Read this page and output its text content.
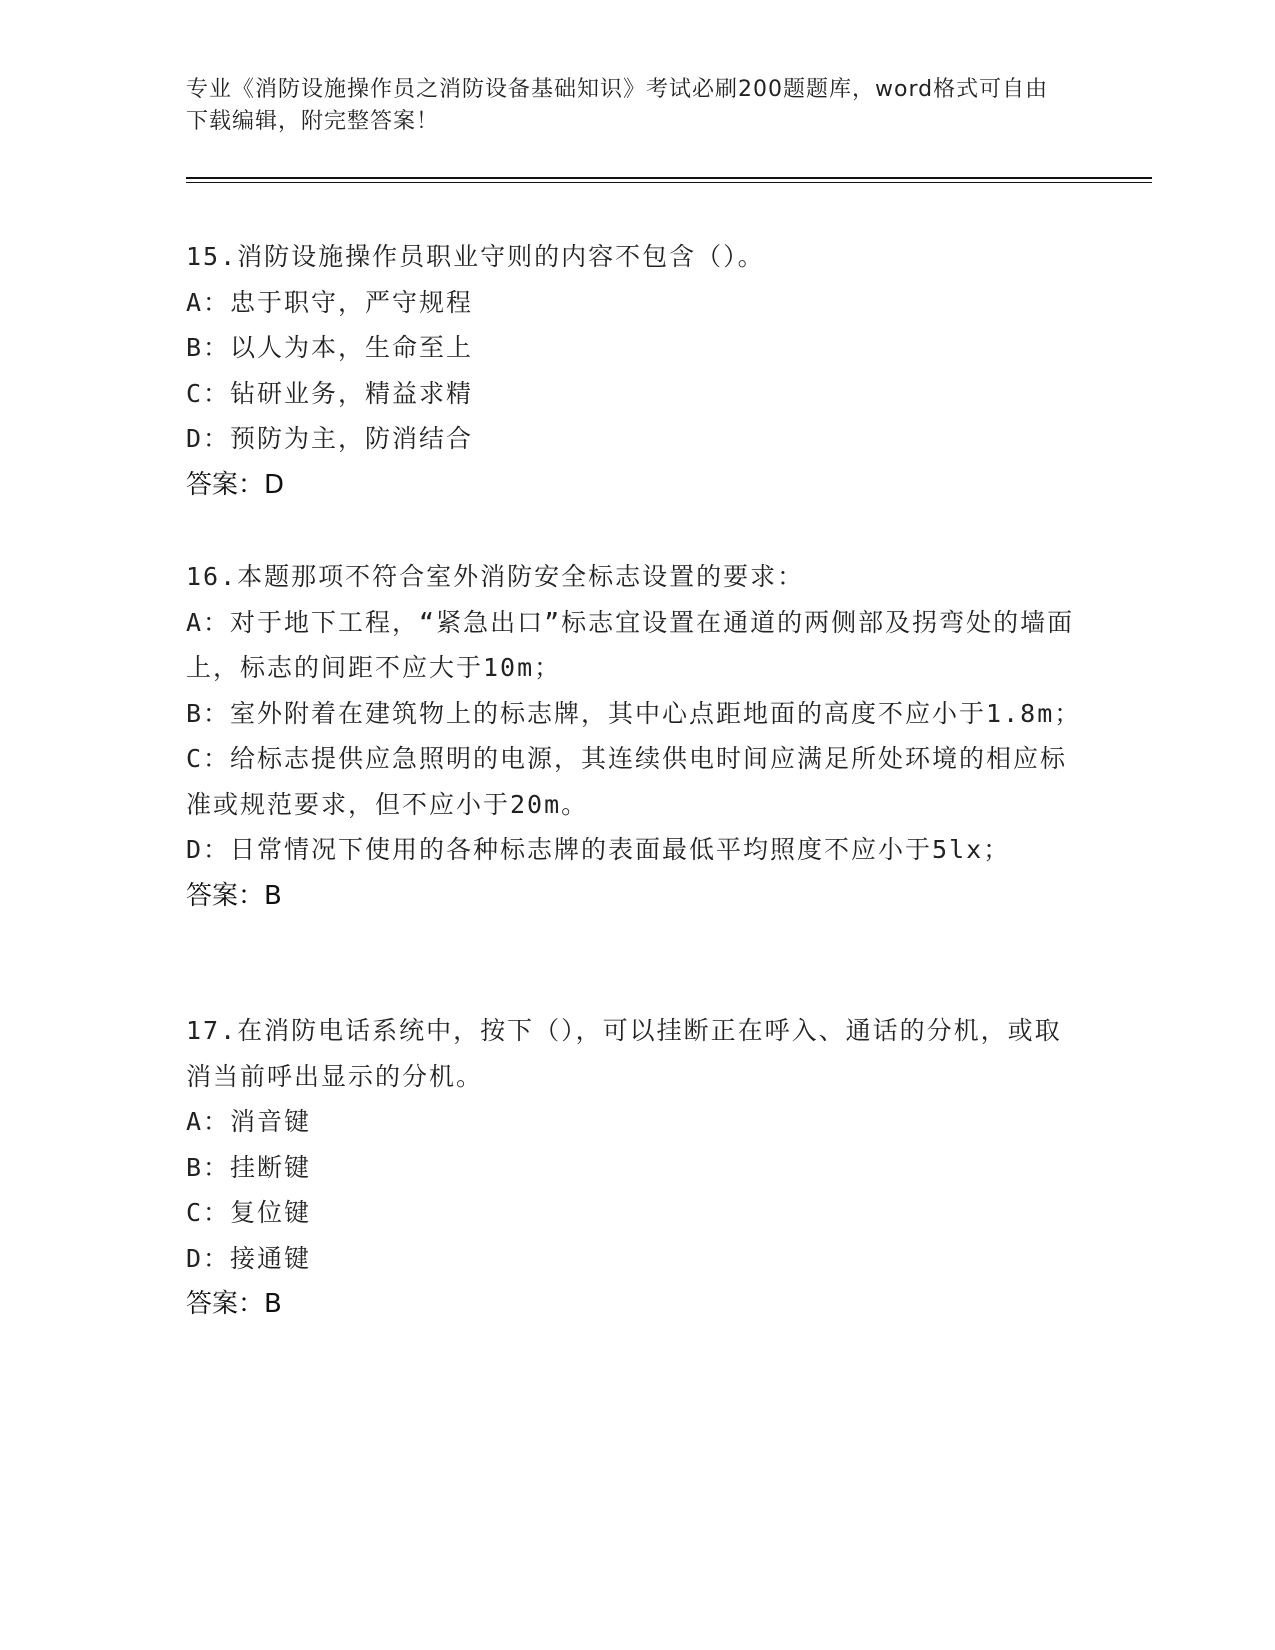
专业《消防设施操作员之消防设备基础知识》考试必刷200题题库，word格式可自由下载编辑，附完整答案！
15.消防设施操作员职业守则的内容不包含（）。
A：忠于职守，严守规程
B：以人为本，生命至上
C：钻研业务，精益求精
D：预防为主，防消结合
答案：D
16.本题那项不符合室外消防安全标志设置的要求：
A：对于地下工程，“紧急出口”标志宜设置在通道的两侧部及拐弯处的墙面上，标志的间距不应大于10m；
B：室外附着在建筑物上的标志牌，其中心点距地面的高度不应小于1.8m；
C：给标志提供应急照明的电源，其连续供电时间应满足所处环境的相应标准或规范要求，但不应小于20m。
D：日常情况下使用的各种标志牌的表面最低平均照度不应小于5lx；
答案：B
17.在消防电话系统中，按下（），可以挂断正在呼入、通话的分机，或取消当前呼出显示的分机。
A：消音键
B：挂断键
C：复位键
D：接通键
答案：B
